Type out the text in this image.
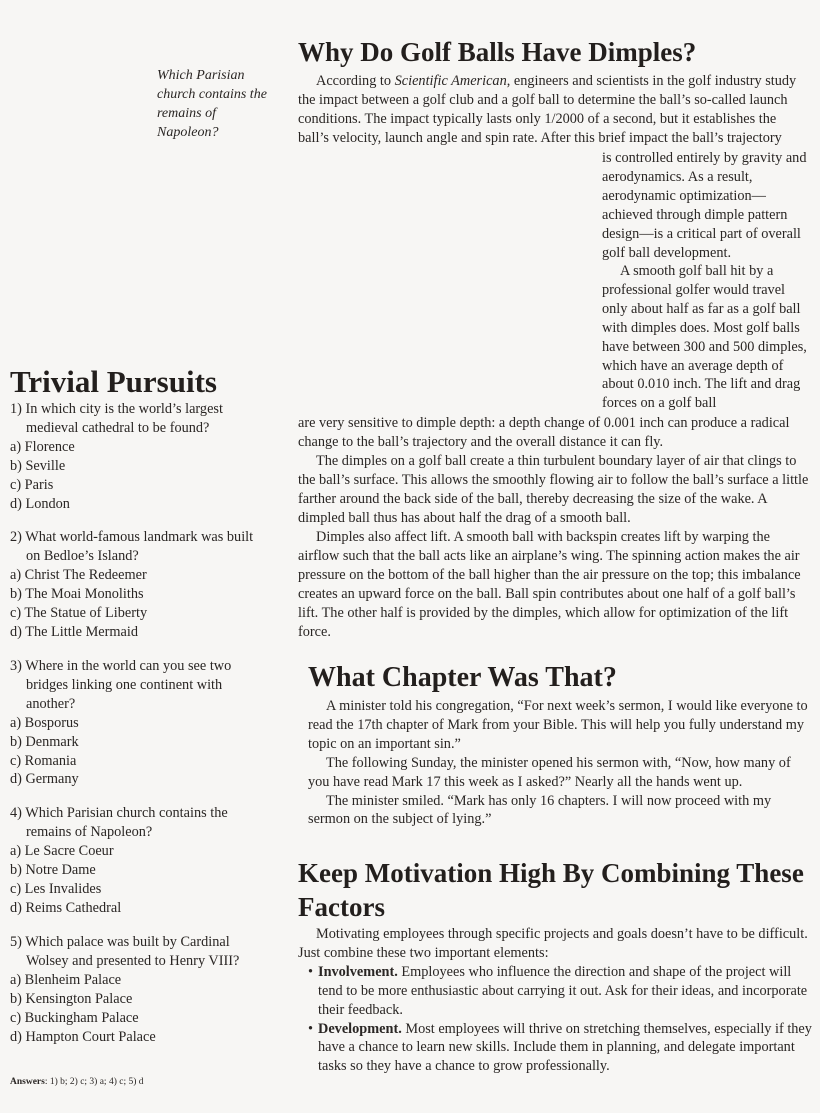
Which Parisian church contains the remains of Napoleon?

Why Do Golf Balls Have Dimples?

According to Scientific American, engineers and scientists in the golf industry study the impact between a golf club and a golf ball to determine the ball’s so-called launch conditions. The impact typically lasts only 1/2000 of a second, but it establishes the ball’s velocity, launch angle and spin rate. After this brief impact the ball’s trajectory

is controlled entirely by gravity and aerodynamics. As a result, aerodynamic optimization—achieved through dimple pattern design—is a critical part of overall golf ball development.

A smooth golf ball hit by a professional golfer would travel only about half as far as a golf ball with dimples does. Most golf balls have between 300 and 500 dimples, which have an average depth of about 0.010 inch. The lift and drag forces on a golf ball

are very sensitive to dimple depth: a depth change of 0.001 inch can produce a radical change to the ball’s trajectory and the overall distance it can fly.

The dimples on a golf ball create a thin turbulent boundary layer of air that clings to the ball’s surface. This allows the smoothly flowing air to follow the ball’s surface a little farther around the back side of the ball, thereby decreasing the size of the wake. A dimpled ball thus has about half the drag of a smooth ball.

Dimples also affect lift. A smooth ball with backspin creates lift by warping the airflow such that the ball acts like an airplane’s wing. The spinning action makes the air pressure on the bottom of the ball higher than the air pressure on the top; this imbalance creates an upward force on the ball. Ball spin contributes about one half of a golf ball’s lift. The other half is provided by the dimples, which allow for optimization of the lift force.

Trivial Pursuits
1) In which city is the world’s largest medieval cathedral to be found?
a) Florence
b) Seville
c) Paris
d) London
2) What world-famous landmark was built on Bedloe’s Island?
a) Christ The Redeemer
b) The Moai Monoliths
c) The Statue of Liberty
d) The Little Mermaid
3) Where in the world can you see two bridges linking one continent with another?
a) Bosporus
b) Denmark
c) Romania
d) Germany
4) Which Parisian church contains the remains of Napoleon?
a) Le Sacre Coeur
b) Notre Dame
c) Les Invalides
d) Reims Cathedral
5) Which palace was built by Cardinal Wolsey and presented to Henry VIII?
a) Blenheim Palace
b) Kensington Palace
c) Buckingham Palace
d) Hampton Court Palace
Answers: 1) b; 2) c; 3) a; 4) c; 5) d
What Chapter Was That?

A minister told his congregation, “For next week’s sermon, I would like everyone to read the 17th chapter of Mark from your Bible. This will help you fully understand my topic on an important sin.”

The following Sunday, the minister opened his sermon with, “Now, how many of you have read Mark 17 this week as I asked?” Nearly all the hands went up.

The minister smiled. “Mark has only 16 chapters. I will now proceed with my sermon on the subject of lying.”

Keep Motivation High By Combining These Factors

Motivating employees through specific projects and goals doesn’t have to be difficult. Just combine these two important elements:

• Involvement. Employees who influence the direction and shape of the project will tend to be more enthusiastic about carrying it out. Ask for their ideas, and incorporate their feedback.
• Development. Most employees will thrive on stretching themselves, especially if they have a chance to learn new skills. Include them in planning, and delegate important tasks so they have a chance to grow professionally.
